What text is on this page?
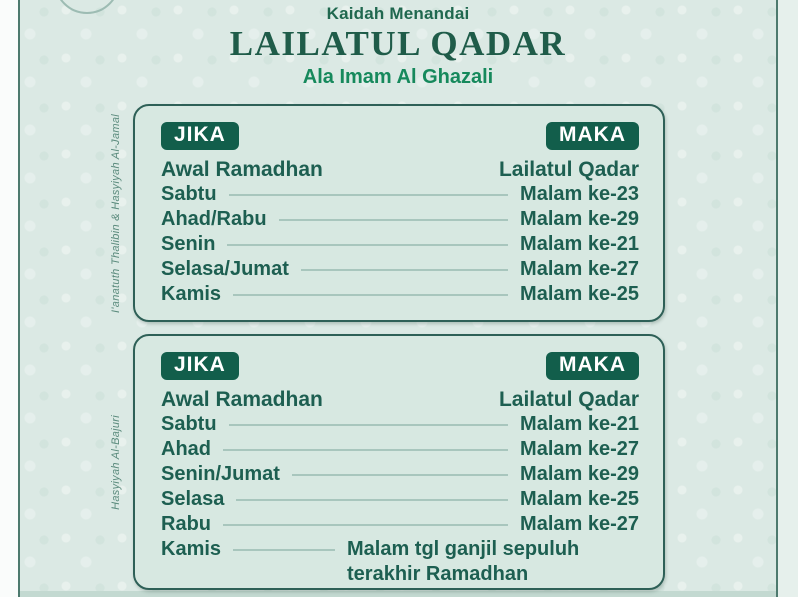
Kaidah Menandai
LAILATUL QADAR
Ala Imam Al Ghazali
I'anatuth Thalibin & Hasyiyah Al-Jamal	JIKA	MAKA
Awal Ramadhan	Lailatul Qadar
Sabtu	Malam ke-23
Ahad/Rabu	Malam ke-29
Senin	Malam ke-21
Selasa/Jumat	Malam ke-27
Kamis	Malam ke-25
Hasyiyah Al-Bajuri
JIKA	MAKA
Awal Ramadhan	Lailatul Qadar
Sabtu	Malam ke-21
Ahad	Malam ke-27
Senin/Jumat	Malam ke-29
Selasa	Malam ke-25
Rabu	Malam ke-27
Kamis	Malam tgl ganjil sepuluh terakhir Ramadhan
